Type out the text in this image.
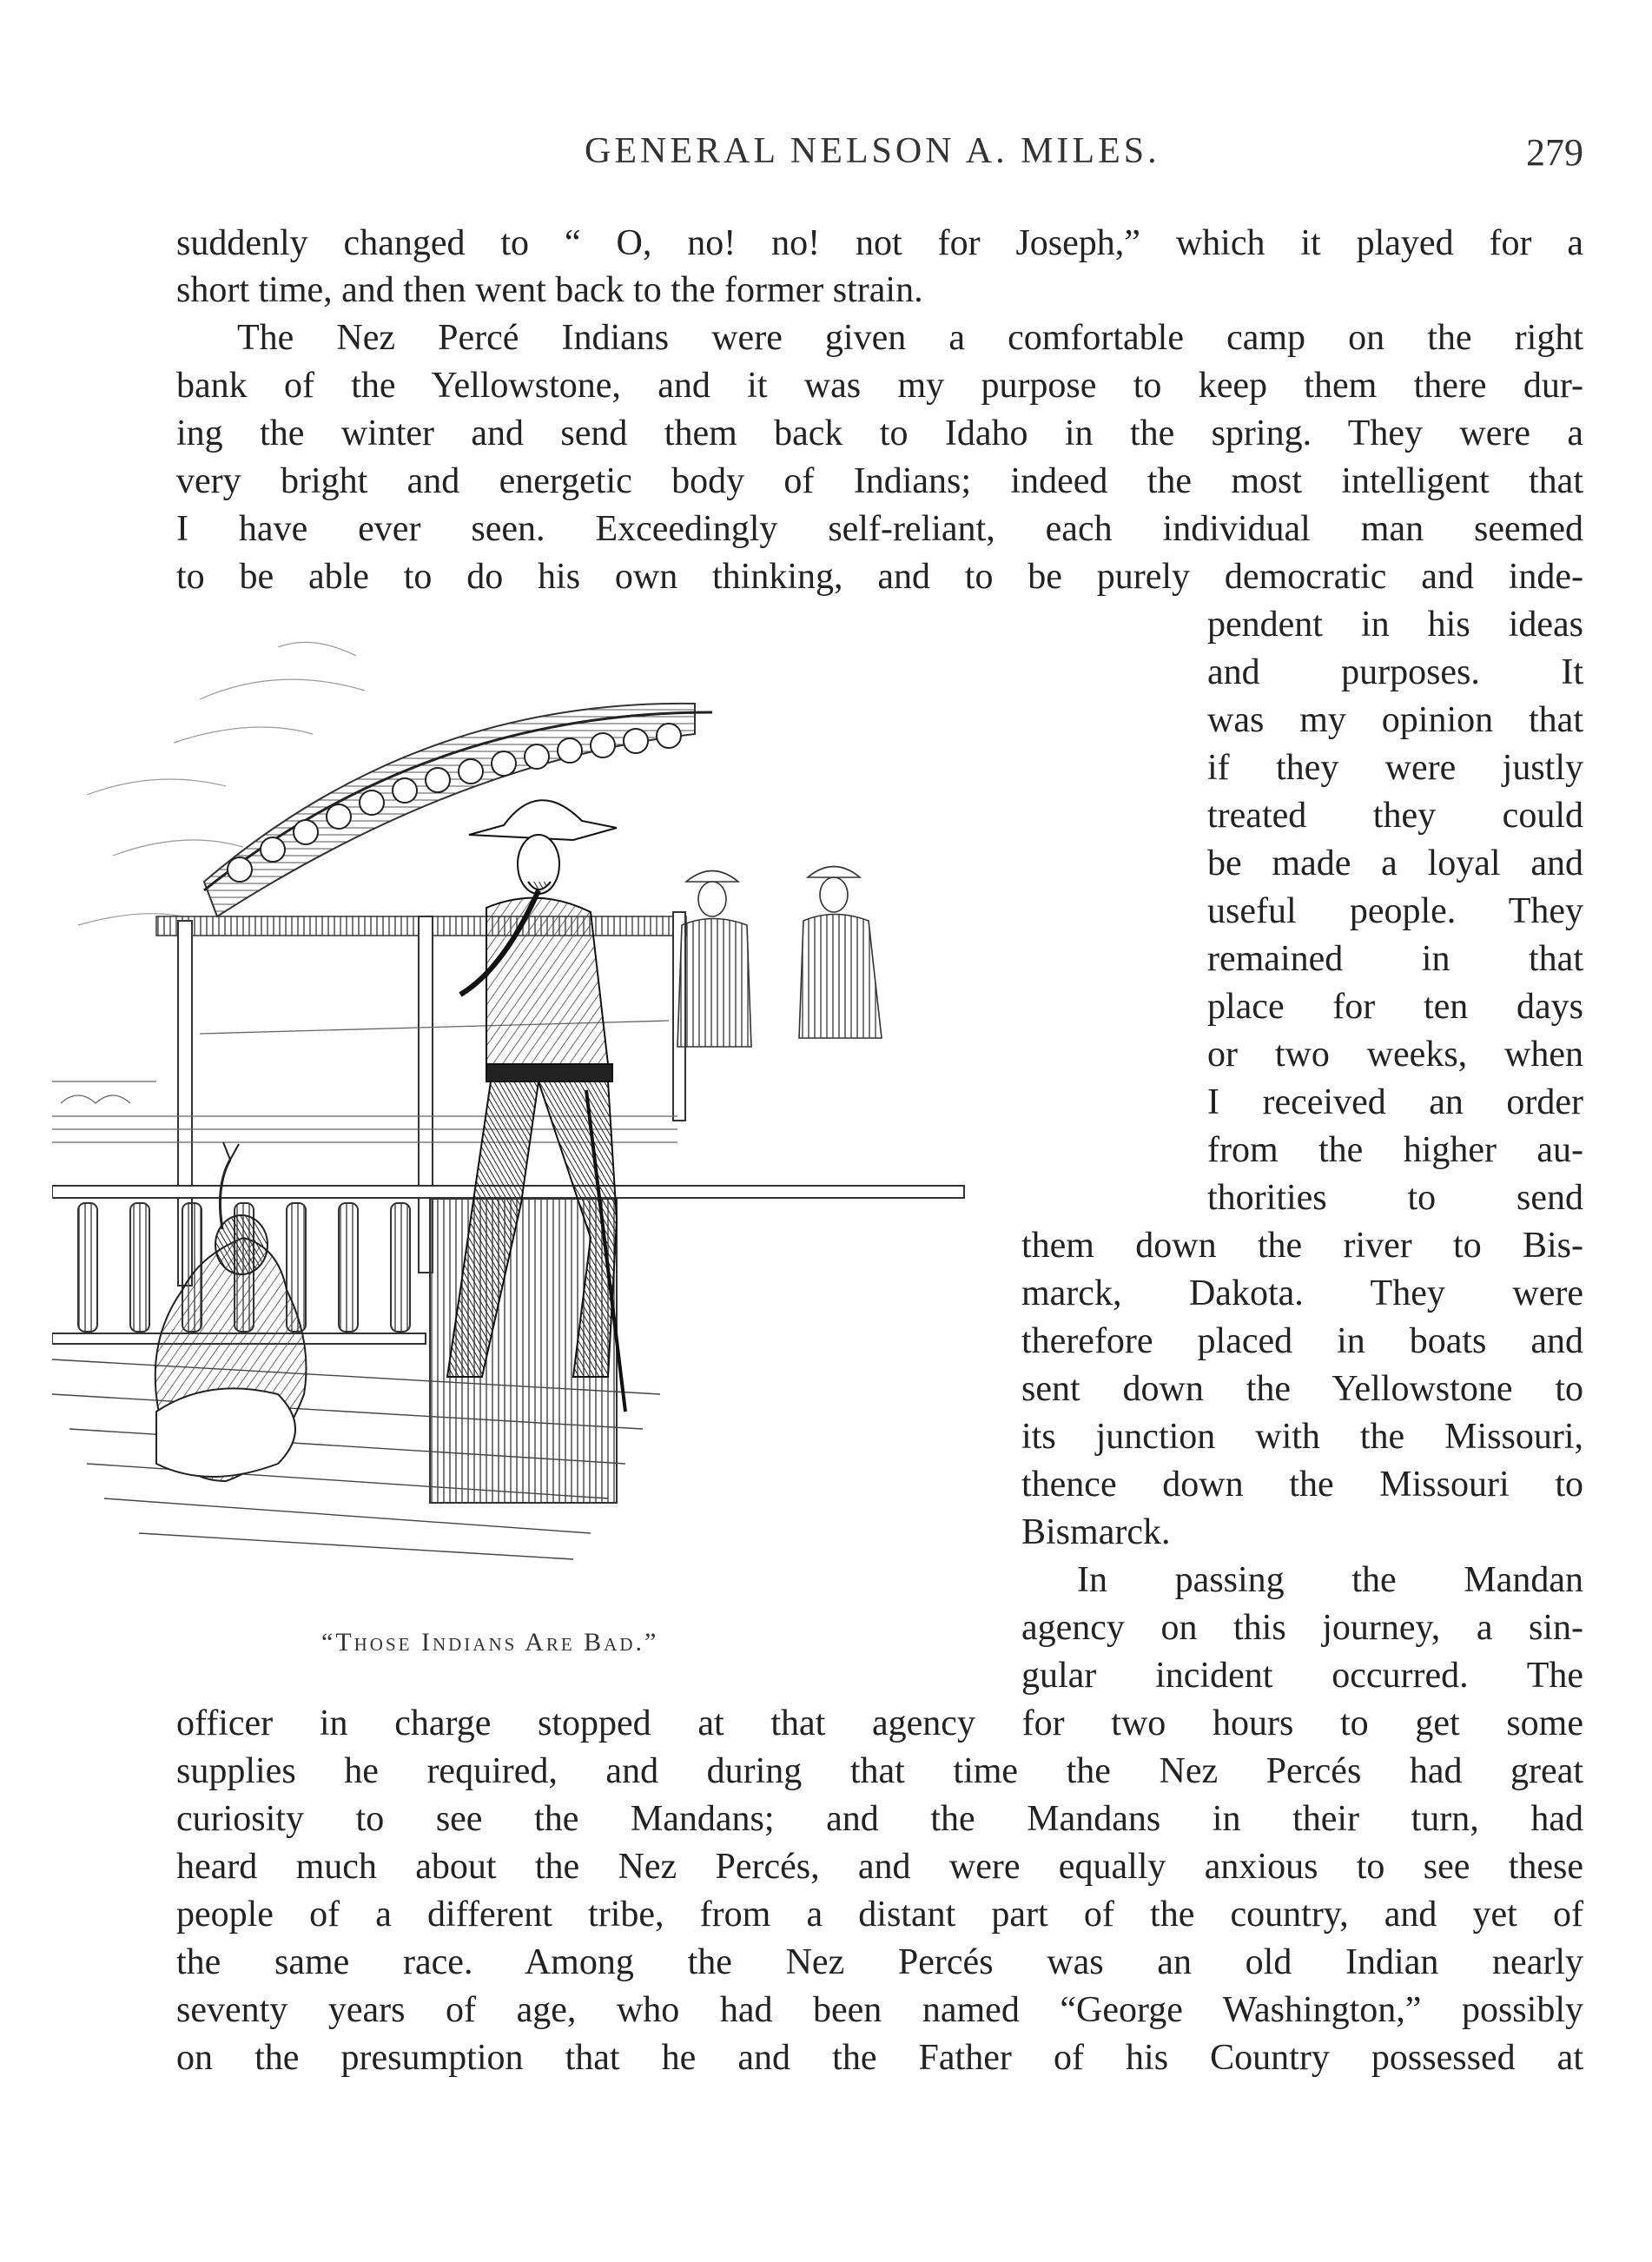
GENERAL NELSON A. MILES.	279
suddenly changed to “ O, no! no! not for Joseph,” which it played for a
short time, and then went back to the former strain.
The Nez Percé Indians were given a comfortable camp on the right
bank of the Yellowstone, and it was my purpose to keep them there dur-
ing the winter and send them back to Idaho in the spring. They were a
very bright and energetic body of Indians; indeed the most intelligent that
I have ever seen. Exceedingly self-reliant, each individual man seemed
to be able to do his own thinking, and to be purely democratic and inde-
pendent in his ideas
and purposes. It
was my opinion that
if they were justly
treated they could
be made a loyal and
useful people. They
remained in that
place for ten days
or two weeks, when
I received an order
from the higher au-
thorities to send
them down the river to Bis-
marck, Dakota. They were
therefore placed in boats and
sent down the Yellowstone to
its junction with the Missouri,
thence down the Missouri to
Bismarck.
In passing the Mandan
agency on this journey, a sin-
gular incident occurred. The
officer in charge stopped at that agency for two hours to get some
supplies he required, and during that time the Nez Percés had great
curiosity to see the Mandans; and the Mandans in their turn, had
heard much about the Nez Percés, and were equally anxious to see these
people of a different tribe, from a distant part of the country, and yet of
the same race. Among the Nez Percés was an old Indian nearly
seventy years of age, who had been named “George Washington,” possibly
on the presumption that he and the Father of his Country possessed at
“Those Indians Are Bad.”
